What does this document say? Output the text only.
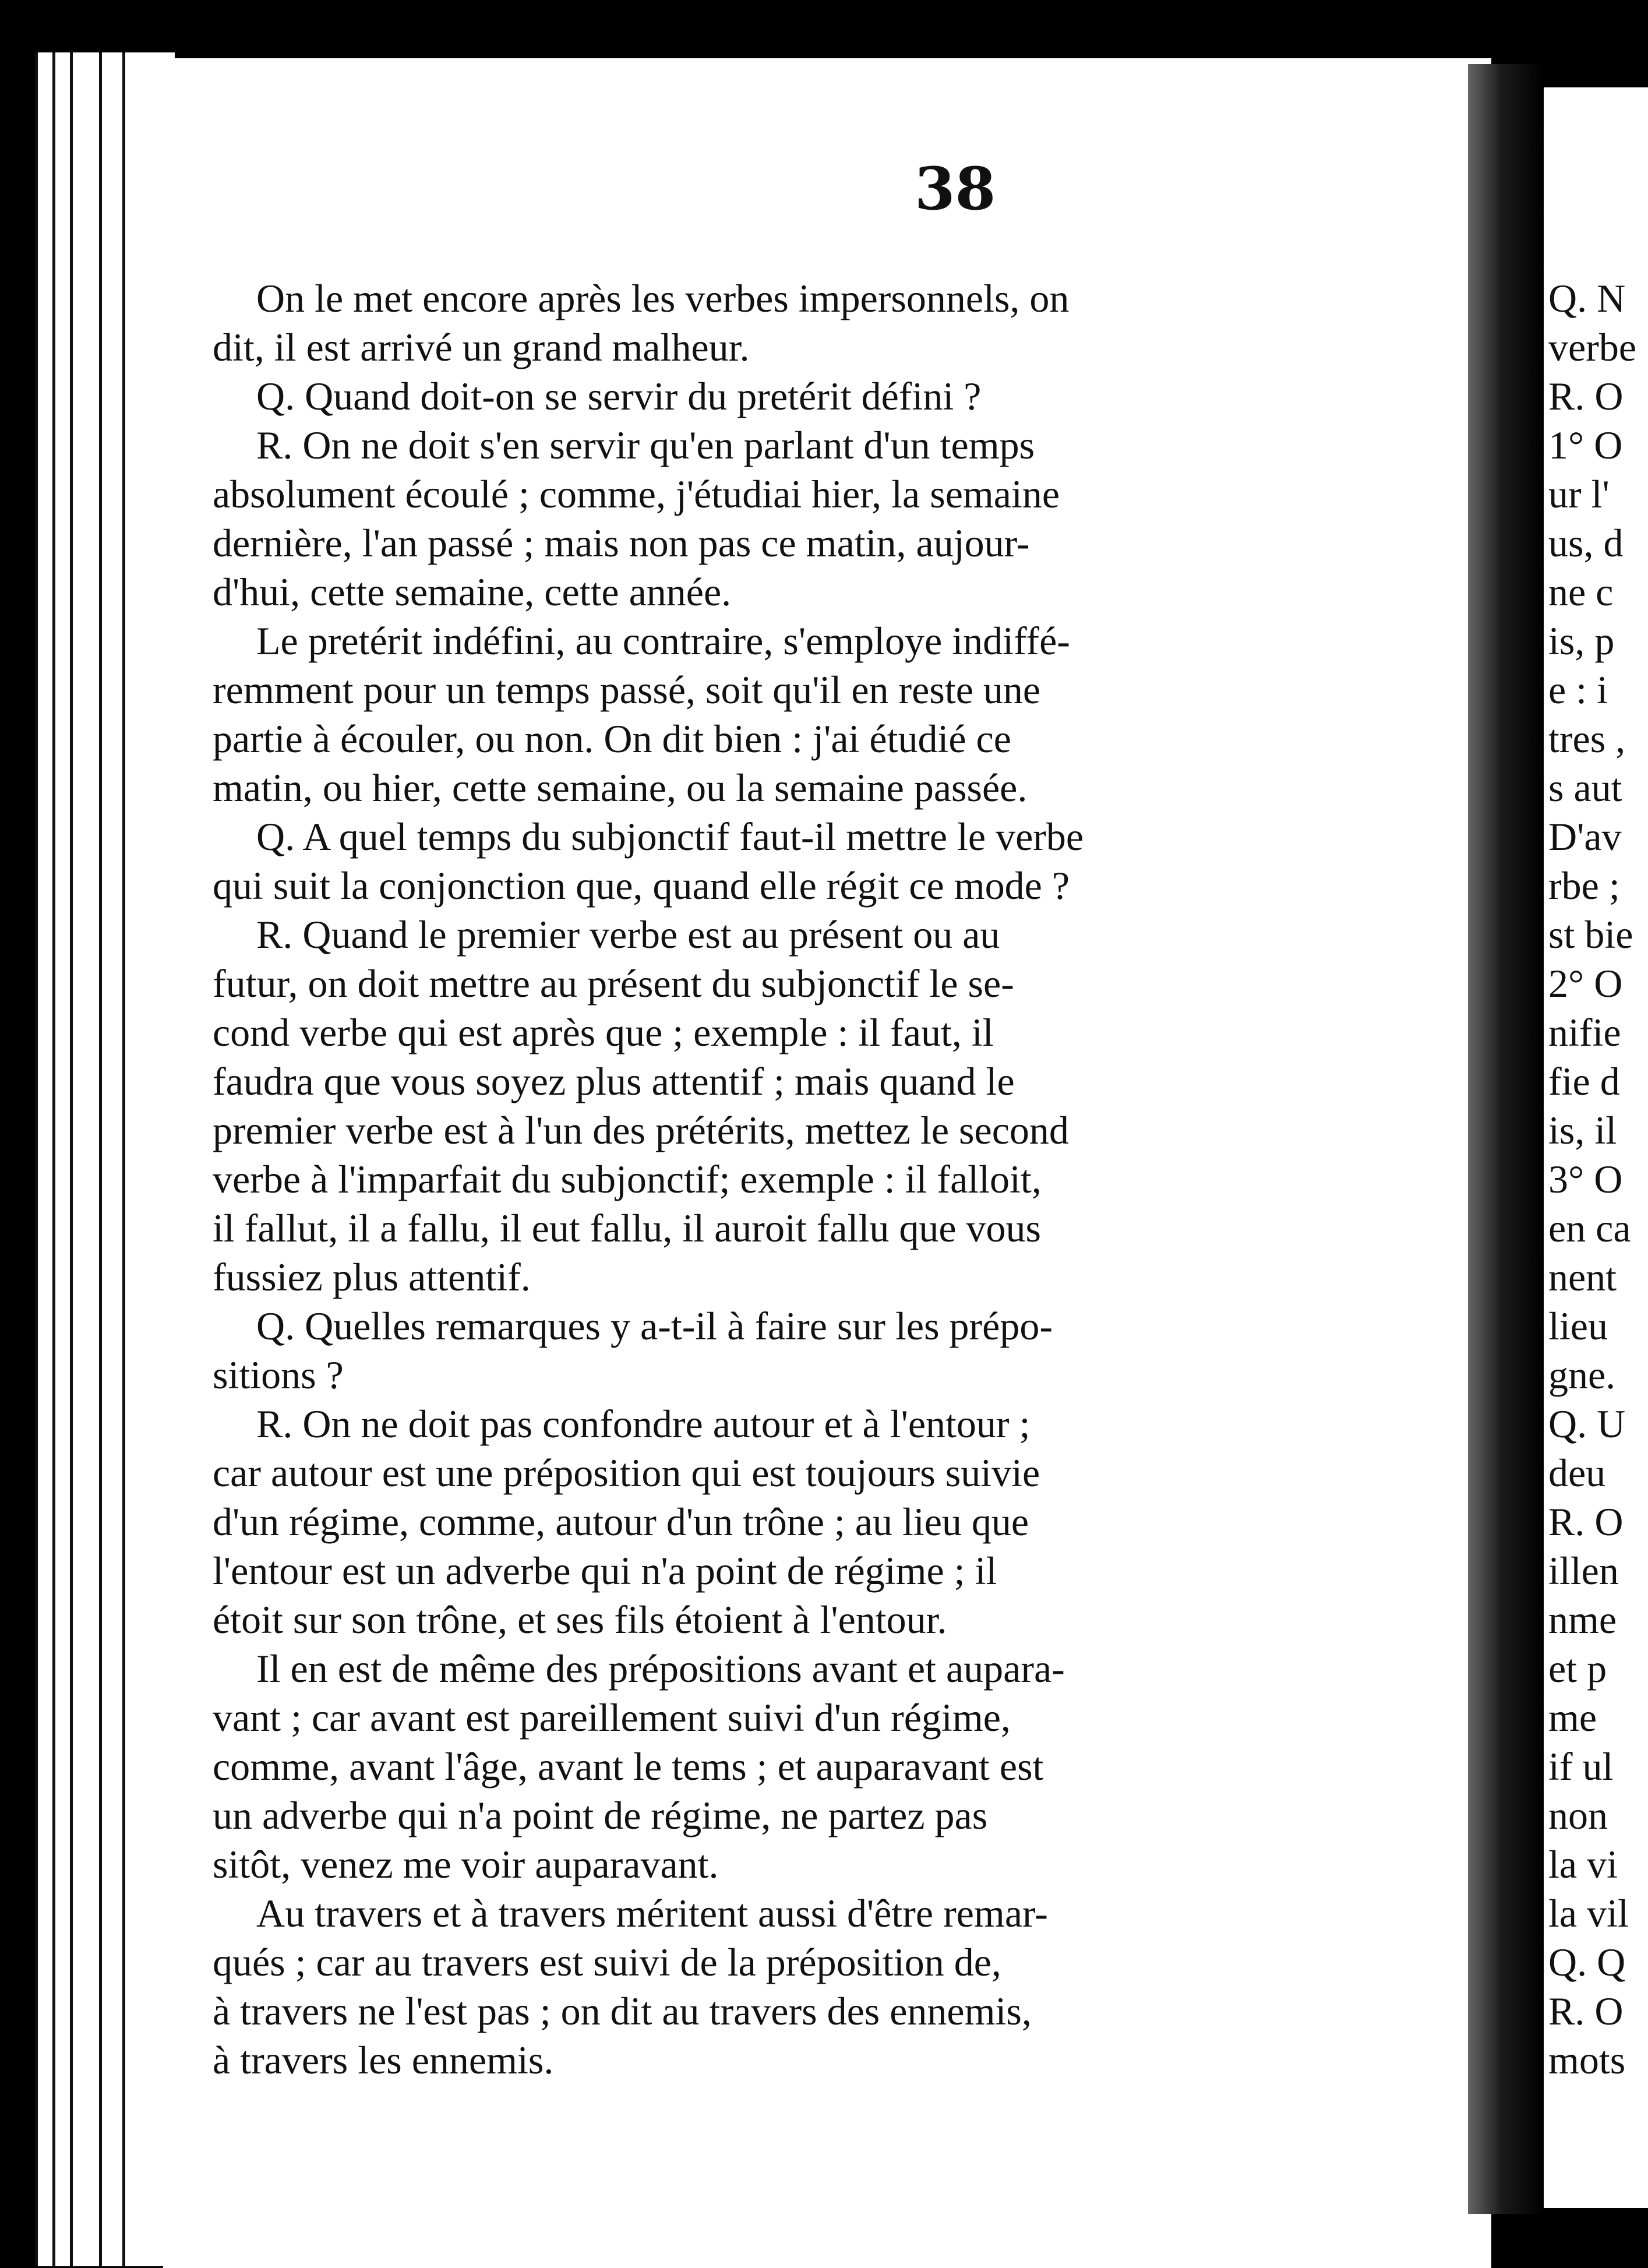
38

On le met encore après les verbes impersonnels, on

dit, il est arrivé un grand malheur.

Q. Quand doit-on se servir du pretérit défini ?

R. On ne doit s'en servir qu'en parlant d'un temps

absolument écoulé ; comme, j'étudiai hier, la semaine

dernière, l'an passé ; mais non pas ce matin, aujour-

d'hui, cette semaine, cette année.

Le pretérit indéfini, au contraire, s'employe indiffé-

remment pour un temps passé, soit qu'il en reste une

partie à écouler, ou non. On dit bien : j'ai étudié ce

matin, ou hier, cette semaine, ou la semaine passée.

Q. A quel temps du subjonctif faut-il mettre le verbe

qui suit la conjonction que, quand elle régit ce mode ?

R. Quand le premier verbe est au présent ou au

futur, on doit mettre au présent du subjonctif le se-

cond verbe qui est après que ; exemple : il faut, il

faudra que vous soyez plus attentif ; mais quand le

premier verbe est à l'un des prétérits, mettez le second

verbe à l'imparfait du subjonctif; exemple : il falloit,

il fallut, il a fallu, il eut fallu, il auroit fallu que vous

fussiez plus attentif.

Q. Quelles remarques y a-t-il à faire sur les prépo-

sitions ?

R. On ne doit pas confondre autour et à l'entour ;

car autour est une préposition qui est toujours suivie

d'un régime, comme, autour d'un trône ; au lieu que

l'entour est un adverbe qui n'a point de régime ; il

étoit sur son trône, et ses fils étoient à l'entour.

Il en est de même des prépositions avant et aupara-

vant ; car avant est pareillement suivi d'un régime,

comme, avant l'âge, avant le tems ; et auparavant est

un adverbe qui n'a point de régime, ne partez pas

sitôt, venez me voir auparavant.

Au travers et à travers méritent aussi d'être remar-

qués ; car au travers est suivi de la préposition de,

à travers ne l'est pas ; on dit au travers des ennemis,

à travers les ennemis.

Q. N
verbe
R. O
1° O
ur l'
us, d
ne c
is, p
e : i
tres ,
s aut
D'av
rbe ;
st bie
2° O
nifie
fie d
is, il
3° O
en ca
nent
lieu
gne.
Q. U
deu
R. O
illen
nme
et p
me
if ul
non
la vi
la vil
Q. Q
R. O
mots
